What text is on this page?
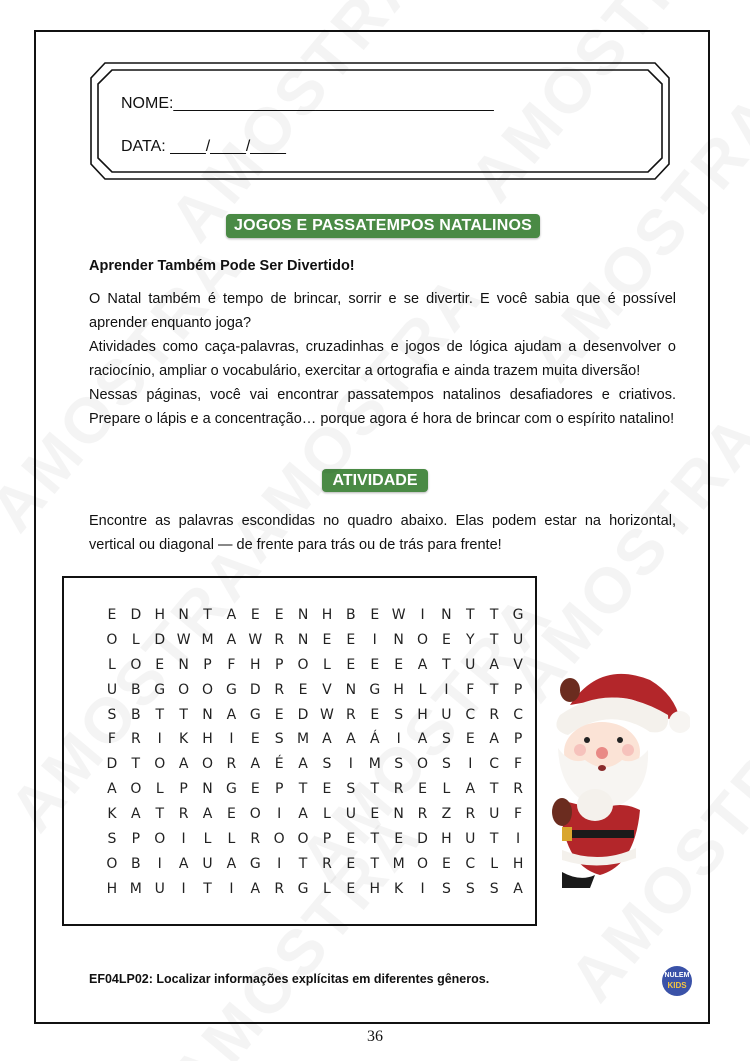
NOME:____________________________________
DATA: ____/____/____
JOGOS E PASSATEMPOS NATALINOS
Aprender Também Pode Ser Divertido!

O Natal também é tempo de brincar, sorrir e se divertir. E você sabia que é possível aprender enquanto joga?

Atividades como caça-palavras, cruzadinhas e jogos de lógica ajudam a desenvolver o raciocínio, ampliar o vocabulário, exercitar a ortografia e ainda trazem muita diversão!

Nessas páginas, você vai encontrar passatempos natalinos desafiadores e criativos. Prepare o lápis e a concentração… porque agora é hora de brincar com o espírito natalino!

ATIVIDADE

Encontre as palavras escondidas no quadro abaixo. Elas podem estar na horizontal, vertical ou diagonal — de frente para trás ou de trás para frente!

E	D H N	T	A	E	E	N H B	E W	I	N	T	T	G
O	L	D W M A W R N	E	E	I	N O E	Y	T	U
L	O E	N	P	F	H	P	O	L	E	E	E	A	T	U A	V
U B G O O G D R	E	V N G H	L	I	F	T	P
S	B	T	T	N A G	E	D W R	E	S	H U C	R	C
F	R	I	K	H	I	E	S M A	A	Á	I	A	S	E	A	P
D	T	O A O R	A	É	A	S	I	M S O S	I	C	F
A O	L	P	N G	E	P	T	E	S	T	R	E	L	A	T	R
K	A	T	R	A	E O	I	A	L	U	E	N R	Z	R U	F
S	P	O	I	L	L	R O O	P	E	T	E	D H U	T	I
O B	I	A U A G	I	T	R	E	T M O E	C	L	H
H M U	I	T	I	A	R G	L	E	H	K	I	S	S	S	A
EF04LP02: Localizar informações explícitas em diferentes gêneros.	NULEM
KIDS
36
